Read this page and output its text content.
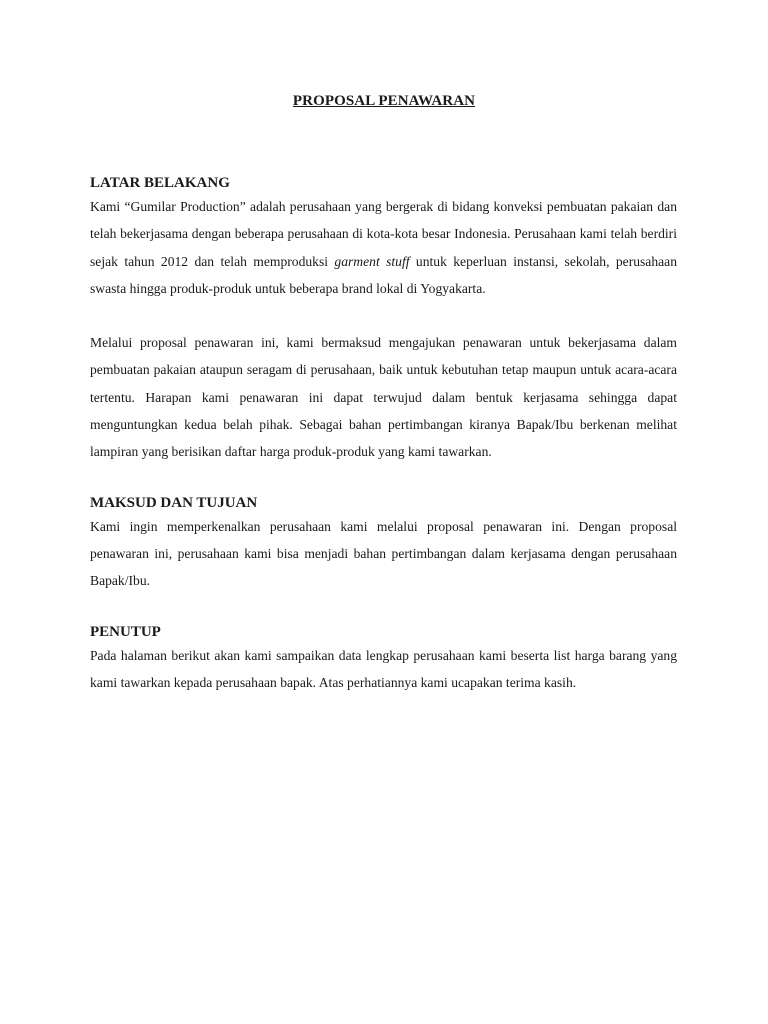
PROPOSAL PENAWARAN

LATAR BELAKANG

Kami “Gumilar Production” adalah perusahaan yang bergerak di bidang konveksi pembuatan pakaian dan telah bekerjasama dengan beberapa perusahaan di kota-kota besar Indonesia. Perusahaan kami telah berdiri sejak tahun 2012 dan telah memproduksi garment stuff untuk keperluan instansi, sekolah, perusahaan swasta hingga produk-produk untuk beberapa brand lokal di Yogyakarta.

Melalui proposal penawaran ini, kami bermaksud mengajukan penawaran untuk bekerjasama dalam pembuatan pakaian ataupun seragam di perusahaan, baik untuk kebutuhan tetap maupun untuk acara-acara tertentu. Harapan kami penawaran ini dapat terwujud dalam bentuk kerjasama sehingga dapat menguntungkan kedua belah pihak. Sebagai bahan pertimbangan kiranya Bapak/Ibu berkenan melihat lampiran yang berisikan daftar harga produk-produk yang kami tawarkan.

MAKSUD DAN TUJUAN

Kami ingin memperkenalkan perusahaan kami melalui proposal penawaran ini. Dengan proposal penawaran ini, perusahaan kami bisa menjadi bahan pertimbangan dalam kerjasama dengan perusahaan Bapak/Ibu.

PENUTUP

Pada halaman berikut akan kami sampaikan data lengkap perusahaan kami beserta list harga barang yang kami tawarkan kepada perusahaan bapak. Atas perhatiannya kami ucapakan terima kasih.
